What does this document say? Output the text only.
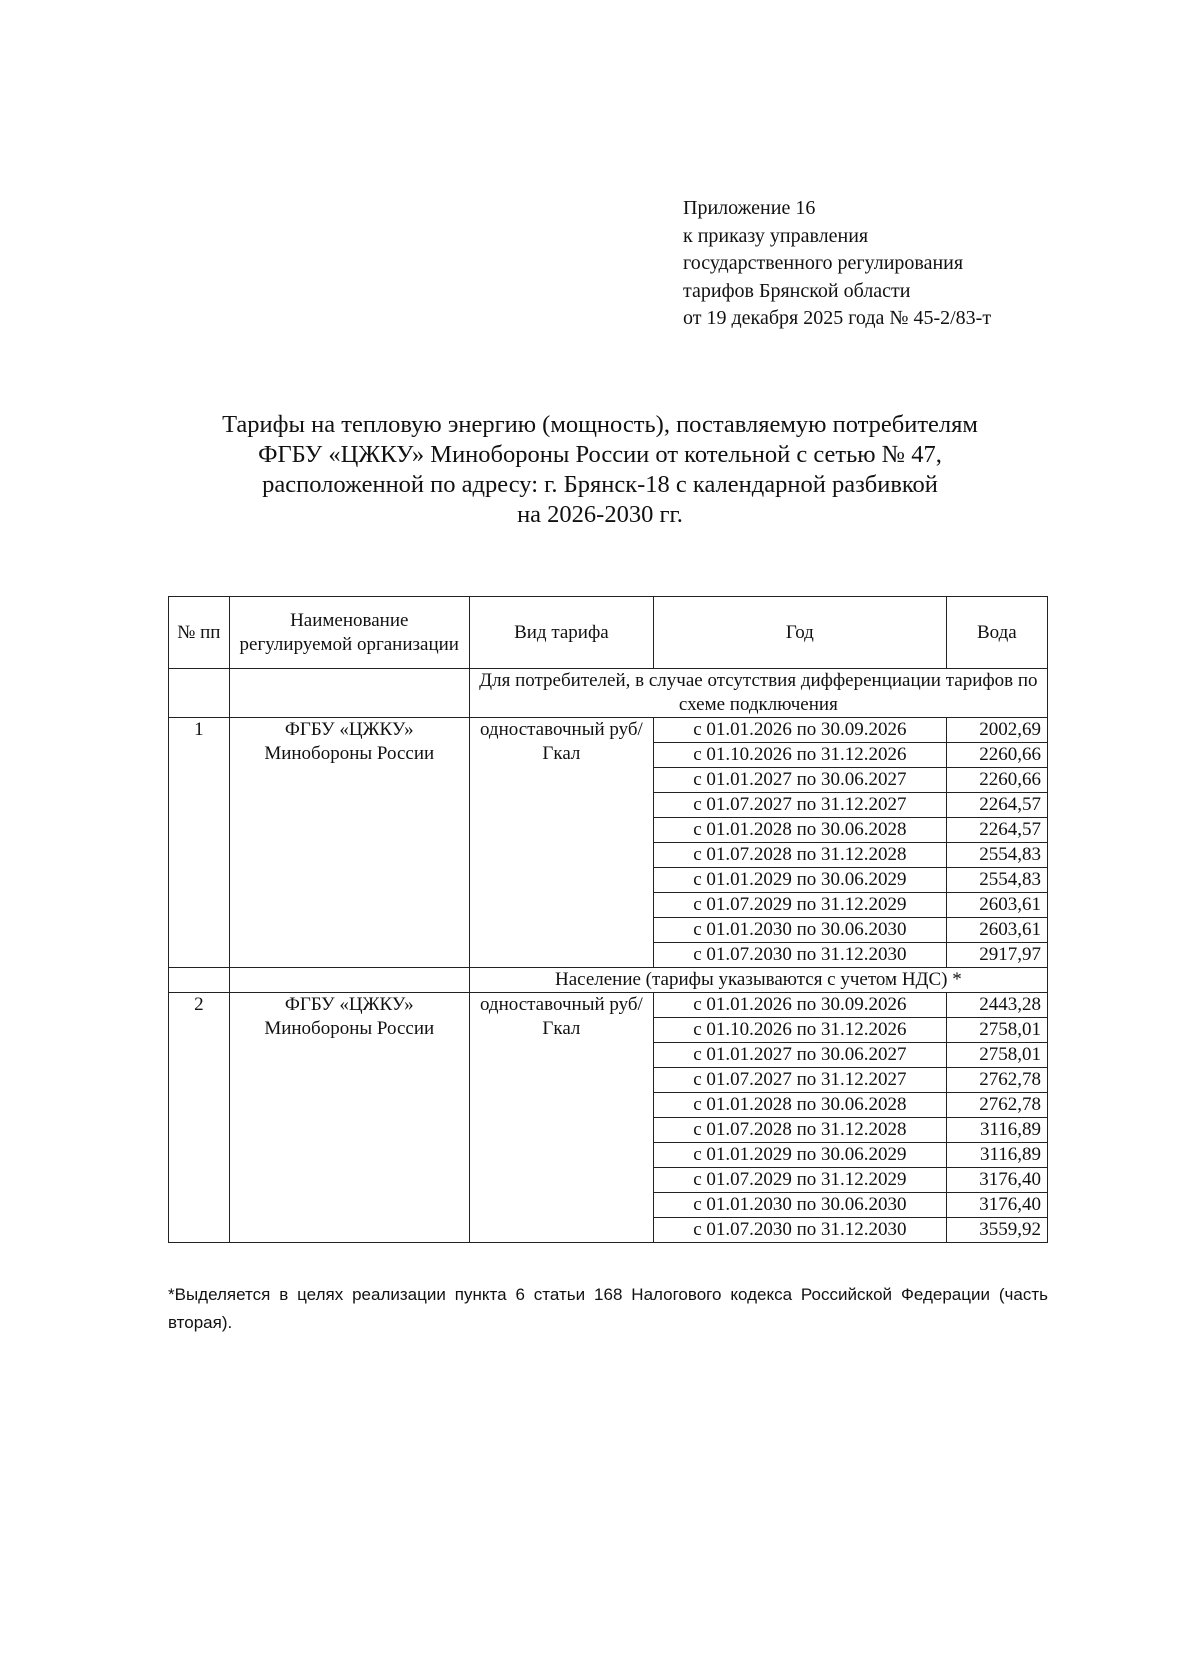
Приложение 16
к приказу управления
государственного регулирования
тарифов Брянской области
от 19 декабря 2025 года № 45-2/83-т
Тарифы на тепловую энергию (мощность), поставляемую потребителям
ФГБУ «ЦЖКУ» Минобороны России от котельной с сетью № 47,
расположенной по адресу: г. Брянск-18 с календарной разбивкой
на 2026-2030 гг.
№ пп	Наименование регулируемой организации	Вид тарифа	Год	Вода
		Для потребителей, в случае отсутствия дифференциации тарифов по схеме подключения		
1	ФГБУ «ЦЖКУ» Минобороны России	одноставочный руб/Гкал	с 01.01.2026 по 30.09.2026	2002,69
			с 01.10.2026 по 31.12.2026	2260,66
			с 01.01.2027 по 30.06.2027	2260,66
			с 01.07.2027 по 31.12.2027	2264,57
			с 01.01.2028 по 30.06.2028	2264,57
			с 01.07.2028 по 31.12.2028	2554,83
			с 01.01.2029 по 30.06.2029	2554,83
			с 01.07.2029 по 31.12.2029	2603,61
			с 01.01.2030 по 30.06.2030	2603,61
			с 01.07.2030 по 31.12.2030	2917,97
		Население (тарифы указываются с учетом НДС) *		
2	ФГБУ «ЦЖКУ» Минобороны России	одноставочный руб/Гкал	с 01.01.2026 по 30.09.2026	2443,28
			с 01.10.2026 по 31.12.2026	2758,01
			с 01.01.2027 по 30.06.2027	2758,01
			с 01.07.2027 по 31.12.2027	2762,78
			с 01.01.2028 по 30.06.2028	2762,78
			с 01.07.2028 по 31.12.2028	3116,89
			с 01.01.2029 по 30.06.2029	3116,89
			с 01.07.2029 по 31.12.2029	3176,40
			с 01.01.2030 по 30.06.2030	3176,40
			с 01.07.2030 по 31.12.2030	3559,92
*Выделяется в целях реализации пункта 6 статьи 168 Налогового кодекса Российской Федерации (часть вторая).
